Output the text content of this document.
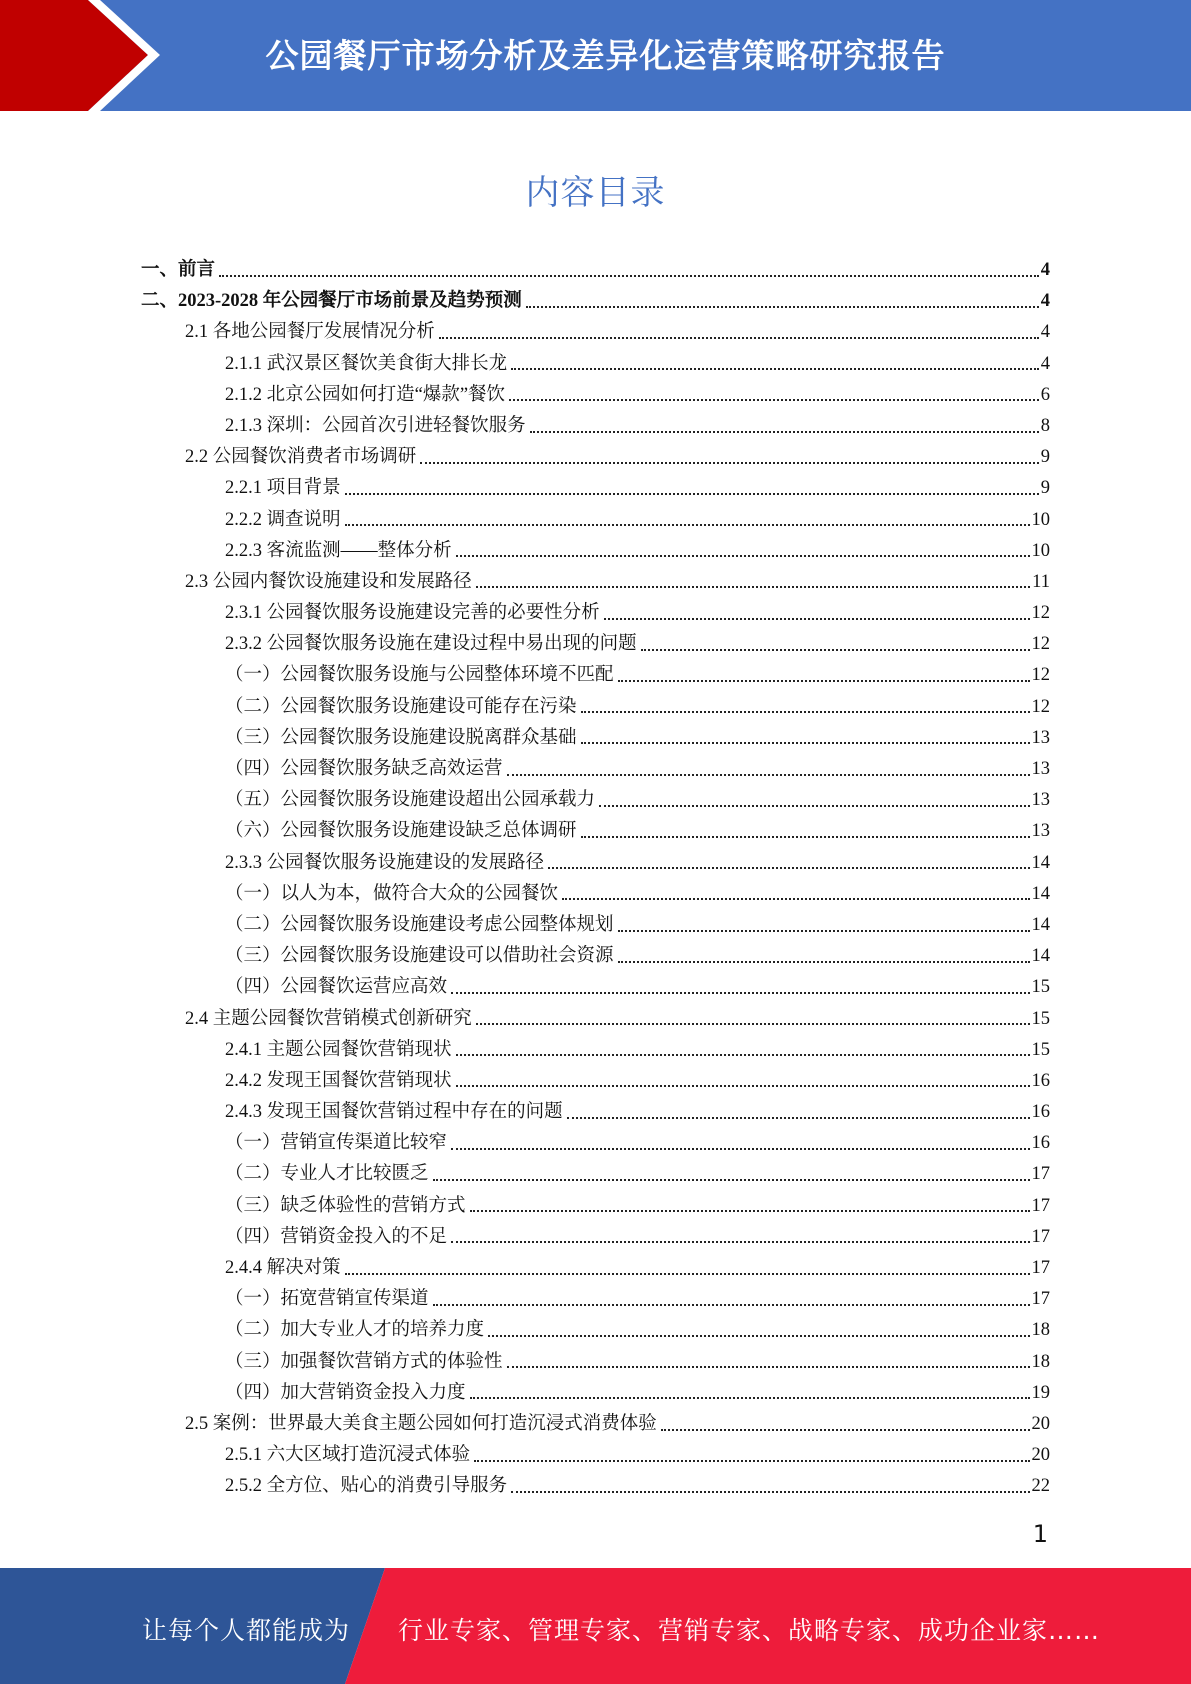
公园餐厅市场分析及差异化运营策略研究报告
内容目录
一、前言	4
二、2023-2028 年公园餐厅市场前景及趋势预测	4
2.1 各地公园餐厅发展情况分析	4
2.1.1 武汉景区餐饮美食街大排长龙	4
2.1.2 北京公园如何打造“爆款”餐饮	6
2.1.3 深圳：公园首次引进轻餐饮服务	8
2.2 公园餐饮消费者市场调研	9
2.2.1 项目背景	9
2.2.2 调查说明	10
2.2.3 客流监测——整体分析	10
2.3 公园内餐饮设施建设和发展路径	11
2.3.1 公园餐饮服务设施建设完善的必要性分析	12
2.3.2 公园餐饮服务设施在建设过程中易出现的问题	12
（一）公园餐饮服务设施与公园整体环境不匹配	12
（二）公园餐饮服务设施建设可能存在污染	12
（三）公园餐饮服务设施建设脱离群众基础	13
（四）公园餐饮服务缺乏高效运营	13
（五）公园餐饮服务设施建设超出公园承载力	13
（六）公园餐饮服务设施建设缺乏总体调研	13
2.3.3 公园餐饮服务设施建设的发展路径	14
（一）以人为本，做符合大众的公园餐饮	14
（二）公园餐饮服务设施建设考虑公园整体规划	14
（三）公园餐饮服务设施建设可以借助社会资源	14
（四）公园餐饮运营应高效	15
2.4 主题公园餐饮营销模式创新研究	15
2.4.1 主题公园餐饮营销现状	15
2.4.2 发现王国餐饮营销现状	16
2.4.3 发现王国餐饮营销过程中存在的问题	16
（一）营销宣传渠道比较窄	16
（二）专业人才比较匮乏	17
（三）缺乏体验性的营销方式	17
（四）营销资金投入的不足	17
2.4.4 解决对策	17
（一）拓宽营销宣传渠道	17
（二）加大专业人才的培养力度	18
（三）加强餐饮营销方式的体验性	18
（四）加大营销资金投入力度	19
2.5 案例：世界最大美食主题公园如何打造沉浸式消费体验	20
2.5.1 六大区域打造沉浸式体验	20
2.5.2 全方位、贴心的消费引导服务	22
1
让每个人都能成为 行业专家、管理专家、营销专家、战略专家、成功企业家……
